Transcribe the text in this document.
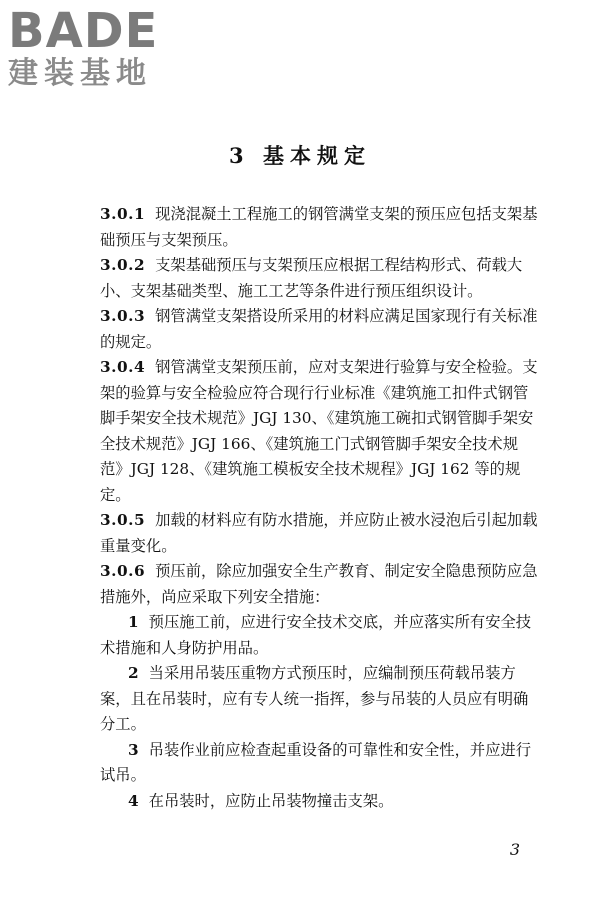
BADE
建装基地
3 基本规定

3.0.1 现浇混凝土工程施工的钢管满堂支架的预压应包括支架基础预压与支架预压。

3.0.2 支架基础预压与支架预压应根据工程结构形式、荷载大小、支架基础类型、施工工艺等条件进行预压组织设计。

3.0.3 钢管满堂支架搭设所采用的材料应满足国家现行有关标准的规定。

3.0.4 钢管满堂支架预压前，应对支架进行验算与安全检验。支架的验算与安全检验应符合现行行业标准《建筑施工扣件式钢管脚手架安全技术规范》JGJ 130、《建筑施工碗扣式钢管脚手架安全技术规范》JGJ 166、《建筑施工门式钢管脚手架安全技术规范》JGJ 128、《建筑施工模板安全技术规程》JGJ 162 等的规定。

3.0.5 加载的材料应有防水措施，并应防止被水浸泡后引起加载重量变化。

3.0.6 预压前，除应加强安全生产教育、制定安全隐患预防应急措施外，尚应采取下列安全措施：

1 预压施工前，应进行安全技术交底，并应落实所有安全技术措施和人身防护用品。

2 当采用吊装压重物方式预压时，应编制预压荷载吊装方案，且在吊装时，应有专人统一指挥，参与吊装的人员应有明确分工。

3 吊装作业前应检查起重设备的可靠性和安全性，并应进行试吊。

4 在吊装时，应防止吊装物撞击支架。

3
